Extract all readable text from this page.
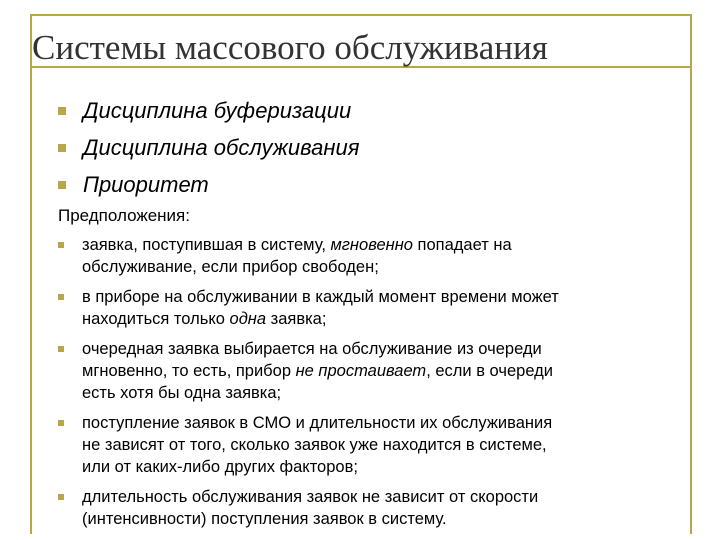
Системы массового обслуживания
Дисциплина буферизации
Дисциплина обслуживания
Приоритет
Предположения:
заявка, поступившая в систему, мгновенно попадает на
обслуживание, если прибор свободен;
в приборе на обслуживании в каждый момент времени может
находиться только одна заявка;
очередная заявка выбирается на обслуживание из очереди
мгновенно, то есть, прибор не простаивает, если в очереди
есть хотя бы одна заявка;
поступление заявок в СМО и длительности их обслуживания
не зависят от того, сколько заявок уже находится в системе,
или от каких-либо других факторов;
длительность обслуживания заявок не зависит от скорости
(интенсивности) поступления заявок в систему.
